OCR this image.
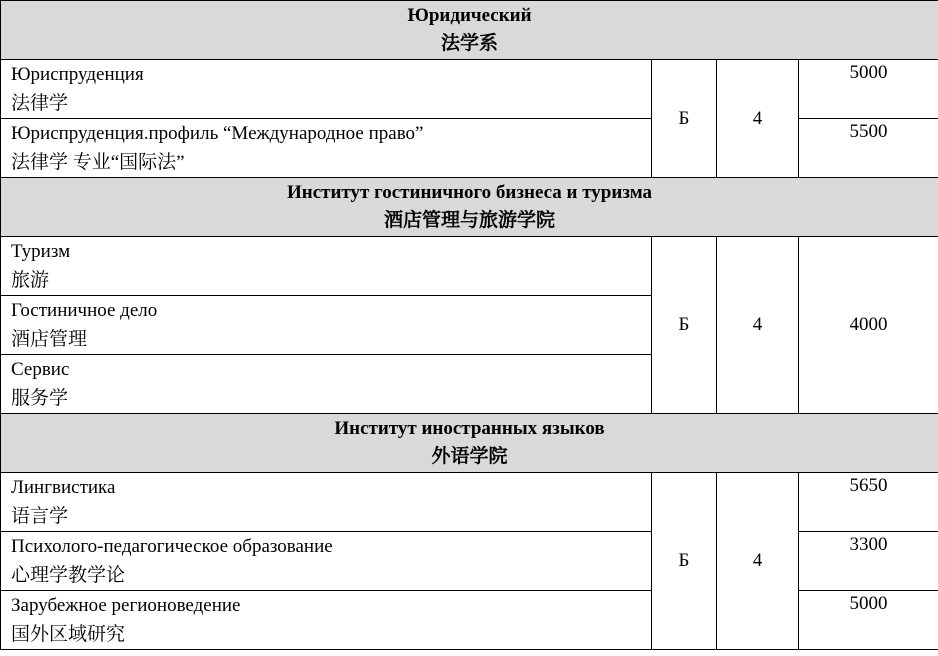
Юридический
法学系			

Юриспруденция
法律学	Б	4	5000

Юриспруденция.профиль “Международное право”
法律学 专业“国际法”			5500

Институт гостиничного бизнеса и туризма
酒店管理与旅游学院			

Туризм
旅游	Б	4	4000

Гостиничное дело
酒店管理			

Сервис
服务学			

Институт иностранных языков
外语学院			

Лингвистика
语言学	Б	4	5650

Психолого-педагогическое образование
心理学教学论			3300

Зарубежное регионоведение
国外区域研究			5000
